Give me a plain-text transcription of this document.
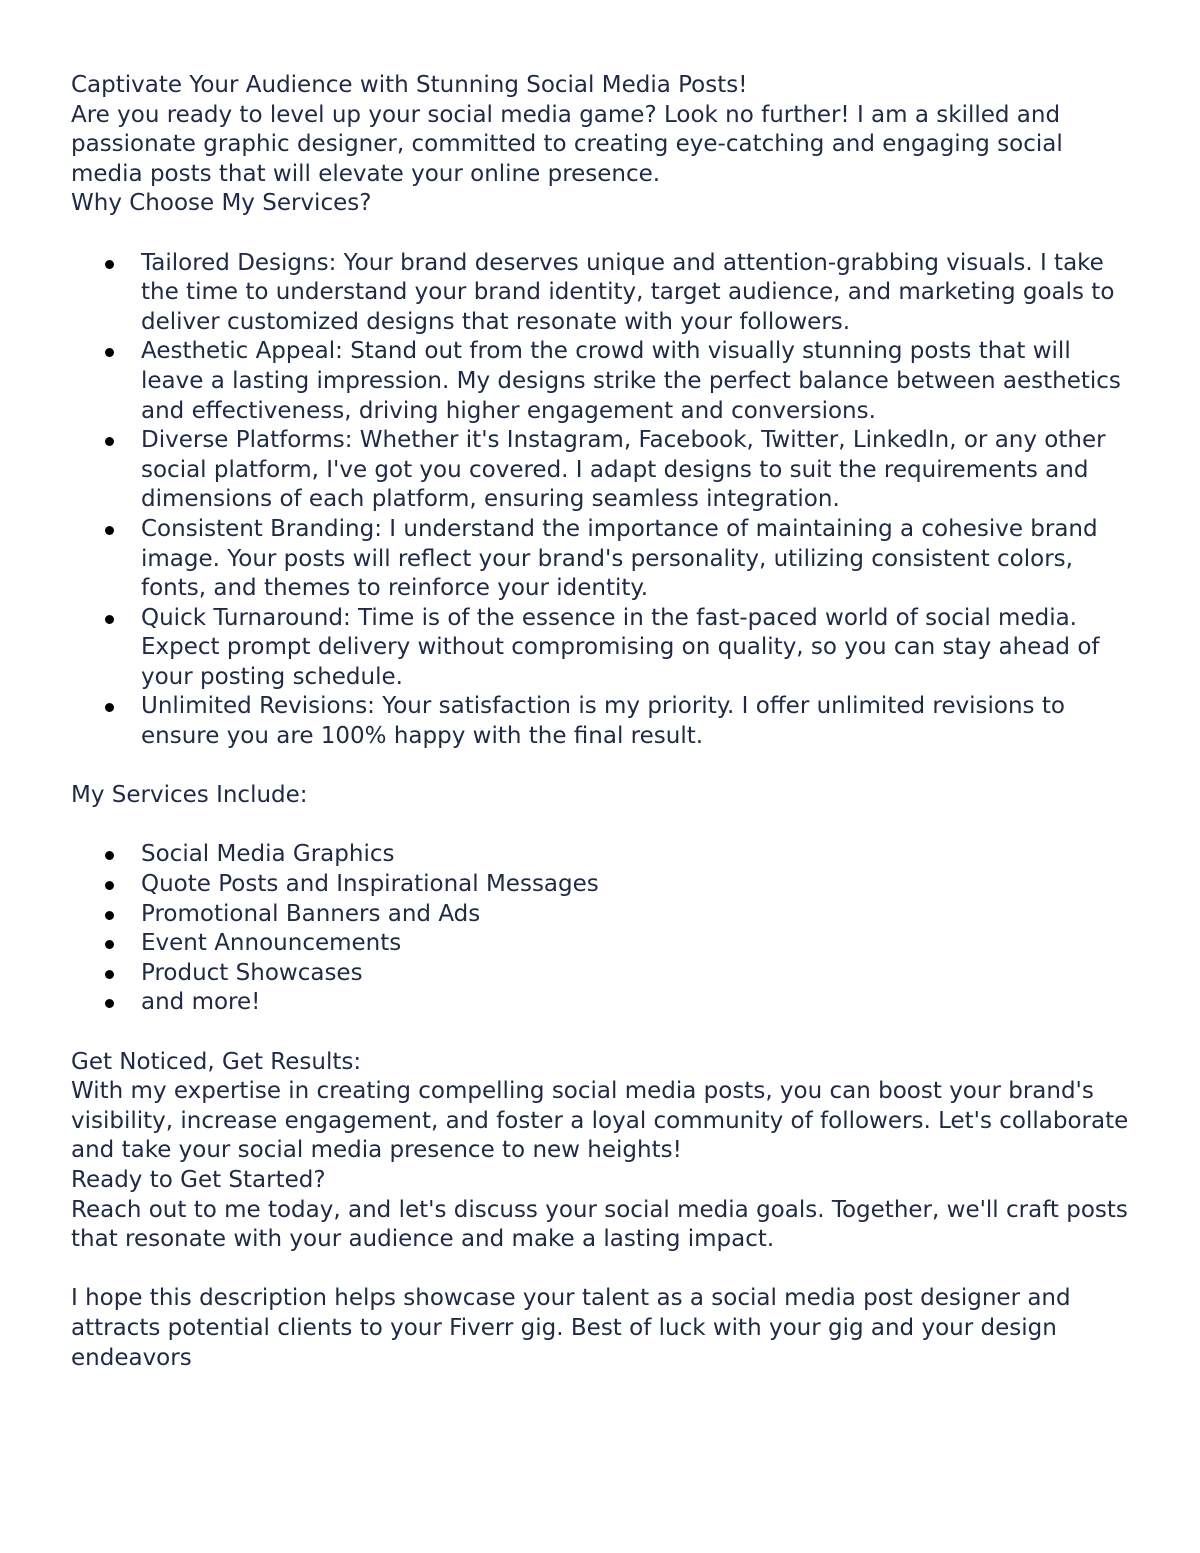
Captivate Your Audience with Stunning Social Media Posts!

Are you ready to level up your social media game? Look no further! I am a skilled and passionate graphic designer, committed to creating eye-catching and engaging social media posts that will elevate your online presence.

Why Choose My Services?

Tailored Designs: Your brand deserves unique and attention-grabbing visuals. I take the time to understand your brand identity, target audience, and marketing goals to deliver customized designs that resonate with your followers.
Aesthetic Appeal: Stand out from the crowd with visually stunning posts that will leave a lasting impression. My designs strike the perfect balance between aesthetics and effectiveness, driving higher engagement and conversions.
Diverse Platforms: Whether it's Instagram, Facebook, Twitter, LinkedIn, or any other social platform, I've got you covered. I adapt designs to suit the requirements and dimensions of each platform, ensuring seamless integration.
Consistent Branding: I understand the importance of maintaining a cohesive brand image. Your posts will reflect your brand's personality, utilizing consistent colors, fonts, and themes to reinforce your identity.
Quick Turnaround: Time is of the essence in the fast-paced world of social media. Expect prompt delivery without compromising on quality, so you can stay ahead of your posting schedule.
Unlimited Revisions: Your satisfaction is my priority. I offer unlimited revisions to ensure you are 100% happy with the final result.

My Services Include:

Social Media Graphics
Quote Posts and Inspirational Messages
Promotional Banners and Ads
Event Announcements
Product Showcases
and more!

Get Noticed, Get Results:

With my expertise in creating compelling social media posts, you can boost your brand's visibility, increase engagement, and foster a loyal community of followers. Let's collaborate and take your social media presence to new heights!

Ready to Get Started?

Reach out to me today, and let's discuss your social media goals. Together, we'll craft posts that resonate with your audience and make a lasting impact.

I hope this description helps showcase your talent as a social media post designer and attracts potential clients to your Fiverr gig. Best of luck with your gig and your design endeavors
